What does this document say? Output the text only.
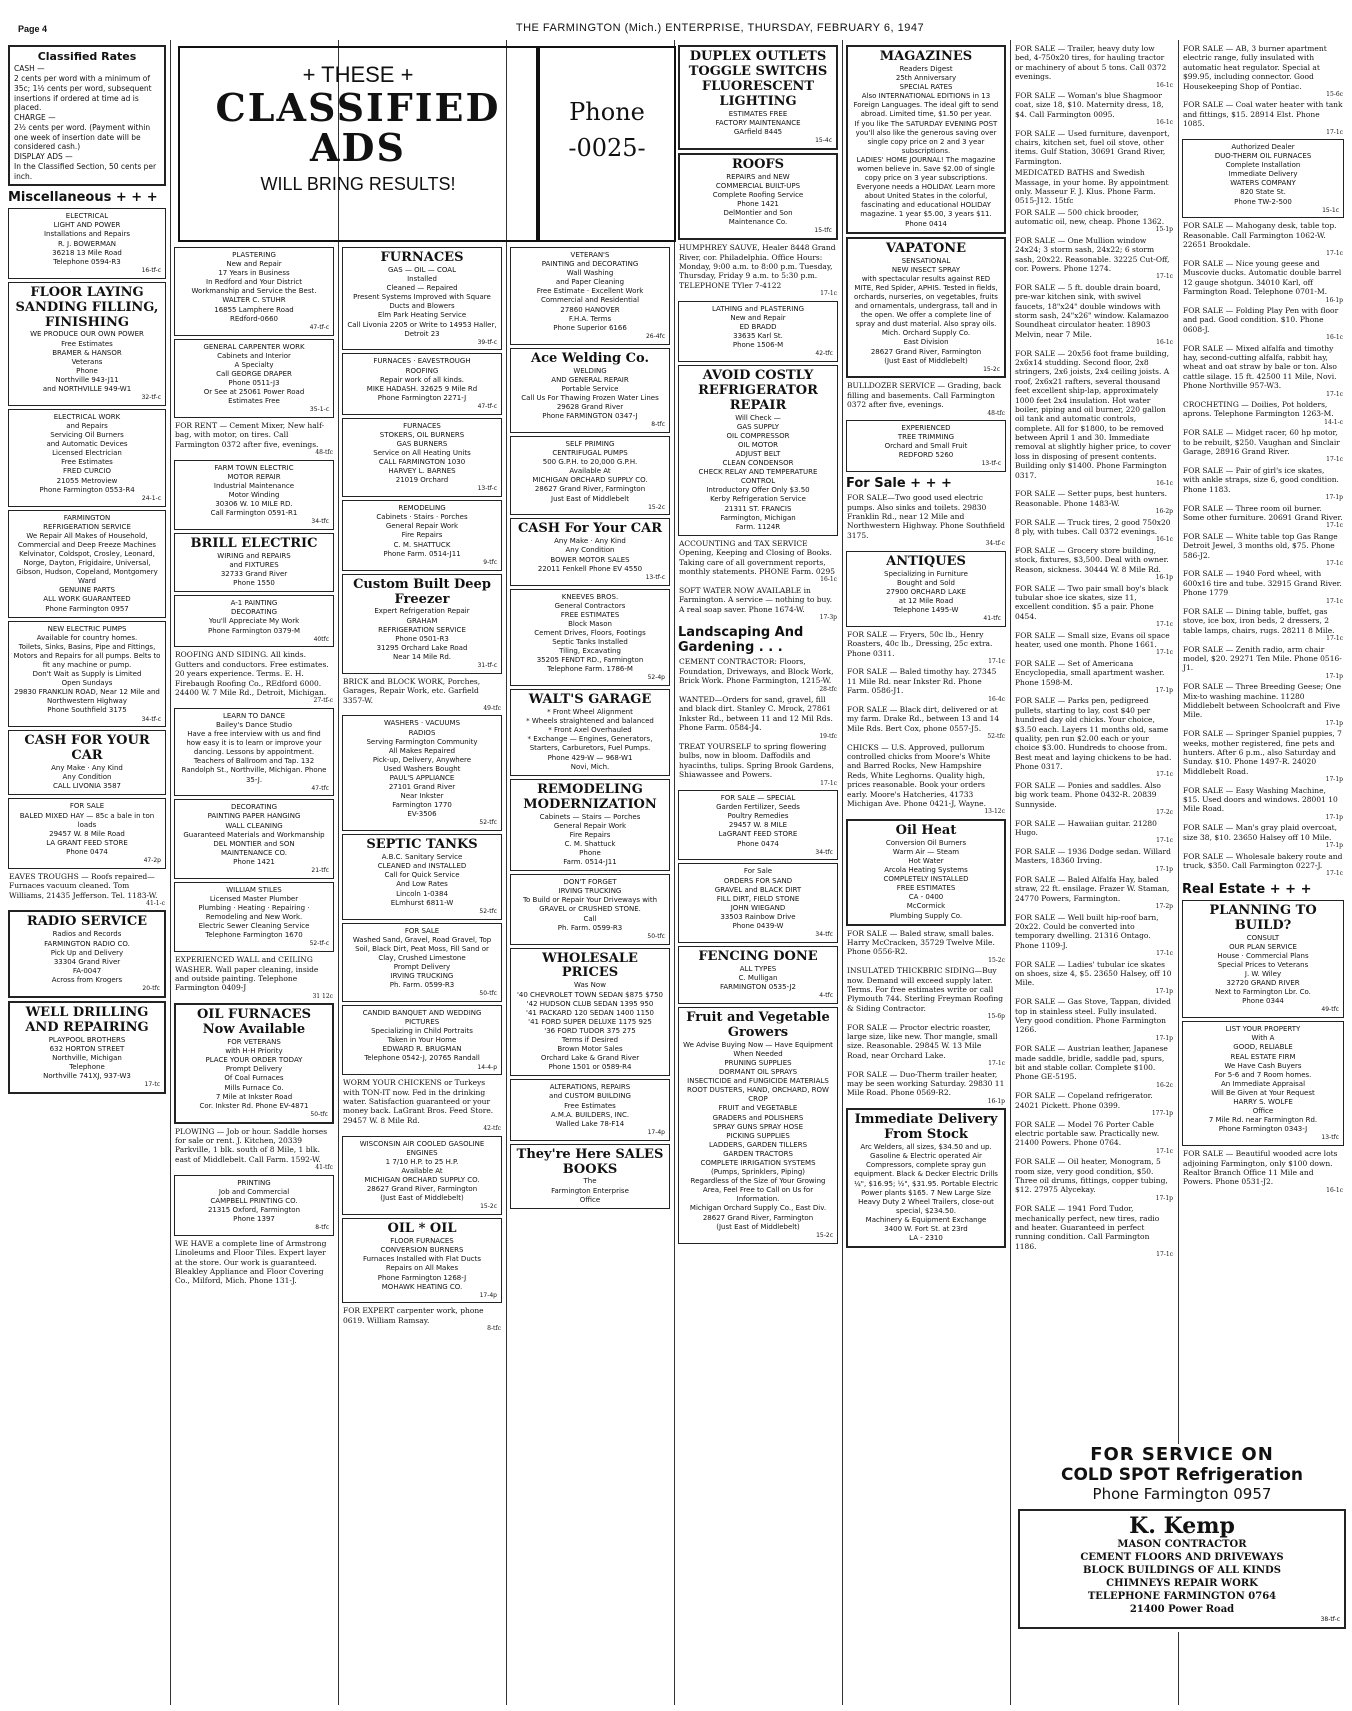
Page 4	THE FARMINGTON (Mich.) ENTERPRISE, THURSDAY, FEBRUARY 6, 1947
+ THESE +
CLASSIFIED
ADS
WILL BRING RESULTS!
Phone
-0025-
Classified Rates
CASH —
2 cents per word with a minimum of 35c; 1½ cents per word, subsequent insertions if ordered at time ad is placed.
CHARGE —
2½ cents per word. (Payment within one week of insertion date will be considered cash.)
DISPLAY ADS —
In the Classified Section, 50 cents per inch.
Miscellaneous + + +
ELECTRICAL
LIGHT AND POWER
Installations and Repairs
R. J. BOWERMAN
36218 13 Mile Road
Telephone 0594-R3
16-tf-c
FLOOR LAYING SANDING FILLING, FINISHING
WE PRODUCE OUR OWN POWER
Free Estimates
BRAMER & HANSOR
Veterans
Phone
Northville 943-J11
and NORTHVILLE 949-W1
32-tf-c
ELECTRICAL WORK
and Repairs
Servicing Oil Burners
and Automatic Devices
Licensed Electrician
Free Estimates
FRED CURCIO
21055 Metroview
Phone Farmington 0553-R4
24-1-c
FARMINGTON
REFRIGERATION SERVICE
We Repair All Makes of Household, Commercial and Deep Freeze Machines
Kelvinator, Coldspot, Crosley, Leonard, Norge, Dayton, Frigidaire, Universal, Gibson, Hudson, Copeland, Montgomery Ward
GENUINE PARTS
ALL WORK GUARANTEED
Phone Farmington 0957
NEW ELECTRIC PUMPS
Available for country homes.
Toilets, Sinks, Basins, Pipe and Fittings, Motors and Repairs for all pumps. Belts to fit any machine or pump.
Don't Wait as Supply is Limited
Open Sundays
29830 FRANKLIN ROAD, Near 12 Mile and Northwestern Highway
Phone Southfield 3175
34-tf-c
CASH FOR YOUR CAR
Any Make · Any Kind
Any Condition
CALL LIVONIA 3587
FOR SALE
BALED MIXED HAY — 85c a bale in ton loads
29457 W. 8 Mile Road
LA GRANT FEED STORE
Phone 0474
47-2p
EAVES TROUGHS — Roofs repaired—Furnaces vacuum cleaned. Tom Williams, 21435 Jefferson. Tel. 1183-W.
41-1-c
RADIO SERVICE
Radios and Records
FARMINGTON RADIO CO.
Pick Up and Delivery
33304 Grand River
FA-0047
Across from Krogers
20-tfc
WELL DRILLING AND REPAIRING
PLAYPOOL BROTHERS
632 HORTON STREET
Northville, Michigan
Telephone
Northville 741XJ, 937-W3
17-tc
PLASTERING
New and Repair
17 Years in Business
In Redford and Your District
Workmanship and Service the Best.
WALTER C. STUHR
16855 Lamphere Road
REdford-0660
47-tf-c
GENERAL CARPENTER WORK
Cabinets and Interior
A Specialty
Call GEORGE DRAPER
Phone 0511-J3
Or See at 25061 Power Road
Estimates Free
35-1-c
FOR RENT — Cement Mixer, New half-bag, with motor, on tires. Call Farmington 0372 after five, evenings.
48-tfc
FARM TOWN ELECTRIC
MOTOR REPAIR
Industrial Maintenance
Motor Winding
30306 W. 10 MILE RD.
Call Farmington 0591-R1
34-tfc
BRILL ELECTRIC
WIRING and REPAIRS
and FIXTURES
32733 Grand River
Phone 1550
A-1 PAINTING
DECORATING
You'll Appreciate My Work
Phone Farmington 0379-M
40tfc
ROOFING AND SIDING. All kinds. Gutters and conductors. Free estimates. 20 years experience. Terms. E. H. Firebaugh Roofing Co., REdford 6000. 24400 W. 7 Mile Rd., Detroit, Michigan.
27-tf-c
LEARN TO DANCE
Bailey's Dance Studio
Have a free interview with us and find how easy it is to learn or improve your dancing. Lessons by appointment. Teachers of Ballroom and Tap. 132 Randolph St., Northville, Michigan. Phone 35-J.
47-tfc
DECORATING
PAINTING PAPER HANGING
WALL CLEANING
Guaranteed Materials and Workmanship
DEL MONTIER and SON
MAINTENANCE CO.
Phone 1421
21-tfc
WILLIAM STILES
Licensed Master Plumber
Plumbing · Heating · Repairing · Remodeling and New Work.
Electric Sewer Cleaning Service
Telephone Farmington 1670
52-tf-c
EXPERIENCED WALL and CEILING WASHER. Wall paper cleaning, inside and outside painting. Telephone Farmington 0409-J
31 12c
OIL FURNACES Now Available
FOR VETERANS
with H-H Priority
PLACE YOUR ORDER TODAY
Prompt Delivery
Of Coal Furnaces
Mills Furnace Co.
7 Mile at Inkster Road
Cor. Inkster Rd. Phone EV-4871
50-tfc
PLOWING — Job or hour. Saddle horses for sale or rent. J. Kitchen, 20339 Parkville, 1 blk. south of 8 Mile, 1 blk. east of Middlebelt. Call Farm. 1592-W.
41-tfc
PRINTING
Job and Commercial
CAMPBELL PRINTING CO.
21315 Oxford, Farmington
Phone 1397
8-tfc
WE HAVE a complete line of Armstrong Linoleums and Floor Tiles. Expert layer at the store. Our work is guaranteed. Bleakley Appliance and Floor Covering Co., Milford, Mich. Phone 131-J.
FURNACES
GAS — OIL — COAL
Installed
Cleaned — Repaired
Present Systems Improved with Square Ducts and Blowers
Elm Park Heating Service
Call Livonia 2205 or Write to 14953 Haller, Detroit 23
39-tf-c
FURNACES · EAVESTROUGH
ROOFING
Repair work of all kinds.
MIKE HADASH. 32625 9 Mile Rd
Phone Farmington 2271-J
47-tf-c
FURNACES
STOKERS, OIL BURNERS
GAS BURNERS
Service on All Heating Units
CALL FARMINGTON 1030
HARVEY L. BARNES
21019 Orchard
13-tf-c
REMODELING
Cabinets · Stairs · Porches
General Repair Work
Fire Repairs
C. M. SHATTUCK
Phone Farm. 0514-J11
9-tfc
Custom Built Deep Freezer
Expert Refrigeration Repair
GRAHAM
REFRIGERATION SERVICE
Phone 0501-R3
31295 Orchard Lake Road
Near 14 Mile Rd.
31-tf-c
BRICK and BLOCK WORK, Porches, Garages, Repair Work, etc. Garfield 3357-W.
49-tfc
WASHERS · VACUUMS
RADIOS
Serving Farmington Community
All Makes Repaired
Pick-up, Delivery, Anywhere
Used Washers Bought
PAUL'S APPLIANCE
27101 Grand River
Near Inkster
Farmington 1770
EV-3506
52-tfc
SEPTIC TANKS
A.B.C. Sanitary Service
CLEANED and INSTALLED
Call for Quick Service
And Low Rates
Lincoln 1-0384
ELmhurst 6811-W
52-tfc
FOR SALE
Washed Sand, Gravel, Road Gravel, Top Soil, Black Dirt, Peat Moss, Fill Sand or Clay, Crushed Limestone
Prompt Delivery
IRVING TRUCKING
Ph. Farm. 0599-R3
50-tfc
CANDID BANQUET AND WEDDING PICTURES
Specializing in Child Portraits
Taken in Your Home
EDWARD R. BRUGMAN
Telephone 0542-J, 20765 Randall
14-4-p
WORM YOUR CHICKENS or Turkeys with TON-IT now. Fed in the drinking water. Satisfaction guaranteed or your money back. LaGrant Bros. Feed Store. 29457 W. 8 Mile Rd.
42-tfc
WISCONSIN AIR COOLED GASOLINE ENGINES
1 7/10 H.P. to 25 H.P.
Available At
MICHIGAN ORCHARD SUPPLY CO.
28627 Grand River, Farmington
(Just East of Middlebelt)
15-2c
OIL * OIL
FLOOR FURNACES
CONVERSION BURNERS
Furnaces Installed with Flat Ducts
Repairs on All Makes
Phone Farmington 1268-J
MOHAWK HEATING CO.
17-4p
FOR EXPERT carpenter work, phone 0619. William Ramsay.
8-tfc
VETERAN'S
PAINTING and DECORATING
Wall Washing
and Paper Cleaning
Free Estimate · Excellent Work
Commercial and Residential
27860 HANOVER
F.H.A. Terms
Phone Superior 6166
26-4fc
Ace Welding Co.
WELDING
AND GENERAL REPAIR
Portable Service
Call Us For Thawing Frozen Water Lines
29628 Grand River
Phone FARMINGTON 0347-J
8-tfc
SELF PRIMING
CENTRIFUGAL PUMPS
500 G.P.H. to 20,000 G.P.H.
Available At
MICHIGAN ORCHARD SUPPLY CO.
28627 Grand River, Farmington
Just East of Middlebelt
15-2c
CASH For Your CAR
Any Make · Any Kind
Any Condition
BOWER MOTOR SALES
22011 Fenkell Phone EV 4550
13-tf-c
KNEEVES BROS.
General Contractors
FREE ESTIMATES
Block Mason
Cement Drives, Floors, Footings
Septic Tanks Installed
Tiling, Excavating
35205 FENDT RD., Farmington
Telephone Farm. 1786-M
52-4p
WALT'S GARAGE
* Front Wheel Alignment
* Wheels straightened and balanced
* Front Axel Overhauled
* Exchange — Engines, Generators, Starters, Carburetors, Fuel Pumps.
Phone 429-W — 968-W1
Novi, Mich.
REMODELING MODERNIZATION
Cabinets — Stairs — Porches
General Repair Work
Fire Repairs
C. M. Shattuck
Phone
Farm. 0514-J11
DON'T FORGET
IRVING TRUCKING
To Build or Repair Your Driveways with GRAVEL or CRUSHED STONE.
Call
Ph. Farm. 0599-R3
50-tfc
WHOLESALE PRICES
Was Now
'40 CHEVROLET TOWN SEDAN $875 $750
'42 HUDSON CLUB SEDAN 1395 950
'41 PACKARD 120 SEDAN 1400 1150
'41 FORD SUPER DELUXE 1175 925
'36 FORD TUDOR 375 275
Terms if Desired
Brown Motor Sales
Orchard Lake & Grand River
Phone 1501 or 0589-R4
ALTERATIONS, REPAIRS
and CUSTOM BUILDING
Free Estimates
A.M.A. BUILDERS, INC.
Walled Lake 78-F14
17-4p
They're Here SALES BOOKS
The
Farmington Enterprise
Office
DUPLEX OUTLETS TOGGLE SWITCHS FLUORESCENT LIGHTING
ESTIMATES FREE
FACTORY MAINTENANCE
GArfield 8445
15-4c
ROOFS
REPAIRS and NEW
COMMERCIAL BUILT-UPS
Complete Roofing Service
Phone 1421
DelMontier and Son
Maintenance Co.
15-tfc
HUMPHREY SAUVE, Healer 8448 Grand River, cor. Philadelphia. Office Hours: Monday, 9:00 a.m. to 8:00 p.m. Tuesday, Thursday, Friday 9 a.m. to 5:30 p.m. TELEPHONE TYler 7-4122
17-1c
LATHING and PLASTERING
New and Repair
ED BRADD
33635 Karl St.
Phone 1506-M
42-tfc
AVOID COSTLY REFRIGERATOR REPAIR
Will Check —
GAS SUPPLY
OIL COMPRESSOR
OIL MOTOR
ADJUST BELT
CLEAN CONDENSOR
CHECK RELAY AND TEMPERATURE CONTROL
Introductory Offer Only $3.50
Kerby Refrigeration Service
21311 ST. FRANCIS
Farmington, Michigan
Farm. 1124R
ACCOUNTING and TAX SERVICE Opening, Keeping and Closing of Books. Taking care of all government reports, monthly statements. PHONE Farm. 0295
16-1c
SOFT WATER NOW AVAILABLE in Farmington. A service — nothing to buy. A real soap saver. Phone 1674-W.
17-3p
Landscaping And Gardening . . .
CEMENT CONTRACTOR: Floors, Foundation, Driveways, and Block Work, Brick Work. Phone Farmington, 1215-W.
28-tfc
WANTED—Orders for sand, gravel, fill and black dirt. Stanley C. Mrock, 27861 Inkster Rd., between 11 and 12 Mil Rds. Phone Farm. 0584-J4.
19-tfc
TREAT YOURSELF to spring flowering bulbs, now in bloom. Daffodils and hyacinths, tulips. Spring Brook Gardens, Shiawassee and Powers.
17-1c
FOR SALE — SPECIAL
Garden Fertilizer, Seeds
Poultry Remedies
29457 W. 8 MILE
LaGRANT FEED STORE
Phone 0474
34-tfc
For Sale
ORDERS FOR SAND
GRAVEL and BLACK DIRT
FILL DIRT, FIELD STONE
JOHN WIEGAND
33503 Rainbow Drive
Phone 0439-W
34-tfc
FENCING DONE
ALL TYPES
C. Mulligan
FARMINGTON 0535-J2
4-tfc
Fruit and Vegetable Growers
We Advise Buying Now — Have Equipment When Needed
PRUNING SUPPLIES
DORMANT OIL SPRAYS
INSECTICIDE and FUNGICIDE MATERIALS
ROOT DUSTERS, HAND, ORCHARD, ROW CROP
FRUIT and VEGETABLE
GRADERS and POLISHERS
SPRAY GUNS SPRAY HOSE
PICKING SUPPLIES
LADDERS, GARDEN TILLERS
GARDEN TRACTORS
COMPLETE IRRIGATION SYSTEMS
(Pumps, Sprinklers, Piping)
Regardless of the Size of Your Growing Area, Feel Free to Call on Us for Information.
Michigan Orchard Supply Co., East Div.
28627 Grand River, Farmington
(Just East of Middlebelt)
15-2c
MAGAZINES
Readers Digest
25th Anniversary
SPECIAL RATES
Also INTERNATIONAL EDITIONS in 13 Foreign Languages. The ideal gift to send abroad. Limited time, $1.50 per year.
If you like The SATURDAY EVENING POST you'll also like the generous saving over single copy price on 2 and 3 year subscriptions.
LADIES' HOME JOURNAL! The magazine women believe in. Save $2.00 of single copy price on 3 year subscriptions.
Everyone needs a HOLIDAY. Learn more about United States in the colorful, fascinating and educational HOLIDAY magazine. 1 year $5.00, 3 years $11.
Phone 0414
VAPATONE
SENSATIONAL
NEW INSECT SPRAY
with spectacular results against RED MITE, Red Spider, APHIS. Tested in fields, orchards, nurseries, on vegetables, fruits and ornamentals, undergrass, tall and in the open. We offer a complete line of spray and dust material. Also spray oils.
Mich. Orchard Supply Co.
East Division
28627 Grand River, Farmington
(Just East of Middlebelt)
15-2c
BULLDOZER SERVICE — Grading, back filling and basements. Call Farmington 0372 after five, evenings.
48-tfc
EXPERIENCED
TREE TRIMMING
Orchard and Small Fruit
REDFORD 5260
13-tf-c
For Sale + + +
FOR SALE—Two good used electric pumps. Also sinks and toilets. 29830 Franklin Rd., near 12 Mile and Northwestern Highway. Phone Southfield 3175.
34-tf-c
ANTIQUES
Specializing in Furniture
Bought and Sold
27900 ORCHARD LAKE
at 12 Mile Road
Telephone 1495-W
41-tfc
FOR SALE — Fryers, 50c lb., Henry Roasters, 40c lb., Dressing, 25c extra. Phone 0311.
17-1c
FOR SALE — Baled timothy hay. 27345 11 Mile Rd. near Inkster Rd. Phone Farm. 0586-J1.
16-4c
FOR SALE — Black dirt, delivered or at my farm. Drake Rd., between 13 and 14 Mile Rds. Bert Cox, phone 0557-J5.
52-tfc
CHICKS — U.S. Approved, pullorum controlled chicks from Moore's White and Barred Rocks, New Hampshire Reds, White Leghorns. Quality high, prices reasonable. Book your orders early. Moore's Hatcheries, 41733 Michigan Ave. Phone 0421-J, Wayne.
13-12c
Oil Heat
Conversion Oil Burners
Warm Air — Steam
Hot Water
Arcola Heating Systems
COMPLETELY INSTALLED
FREE ESTIMATES
CA - 0400
McCormick
Plumbing Supply Co.
FOR SALE — Baled straw, small bales. Harry McCracken, 35729 Twelve Mile. Phone 0556-R2.
15-2c
INSULATED THICKBRIC SIDING—Buy now. Demand will exceed supply later. Terms. For free estimates write or call Plymouth 744. Sterling Freyman Roofing & Siding Contractor.
15-6p
FOR SALE — Proctor electric roaster, large size, like new. Thor mangle, small size. Reasonable. 29845 W. 13 Mile Road, near Orchard Lake.
17-1c
FOR SALE — Duo-Therm trailer heater, may be seen working Saturday. 29830 11 Mile Road. Phone 0569-R2.
16-1p
Immediate Delivery From Stock
Arc Welders, all sizes, $34.50 and up. Gasoline & Electric operated Air Compressors, complete spray gun equipment. Black & Decker Electric Drills ¼", $16.95; ½", $31.95. Portable Electric Power plants $165. 7 New Large Size Heavy Duty 2 Wheel Trailers, close-out special, $234.50.
Machinery & Equipment Exchange
3400 W. Fort St. at 23rd
LA - 2310
FOR SALE — Trailer, heavy duty low bed, 4-750x20 tires, for hauling tractor or machinery of about 5 tons. Call 0372 evenings.
16-1c
FOR SALE — Woman's blue Shagmoor coat, size 18, $10. Maternity dress, 18, $4. Call Farmington 0095.
16-1c
FOR SALE — Used furniture, davenport, chairs, kitchen set, fuel oil stove, other items. Gulf Station, 30691 Grand River, Farmington.
MEDICATED BATHS and Swedish Massage, in your home. By appointment only. Masseur F. J. Klus. Phone Farm. 0515-J12. 15tfc
FOR SALE — 500 chick brooder, automatic oil, new, cheap. Phone 1362.
15-1p
FOR SALE — One Mullion window 24x24; 3 storm sash, 24x22; 6 storm sash, 20x22. Reasonable. 32225 Cut-Off, cor. Powers. Phone 1274.
17-1c
FOR SALE — 5 ft. double drain board, pre-war kitchen sink, with swivel faucets, 18"x24" double windows with storm sash, 24"x26" window. Kalamazoo Soundheat circulator heater. 18903 Melvin, near 7 Mile.
16-1c
FOR SALE — 20x56 foot frame building, 2x6x14 studding. Second floor, 2x8 stringers, 2x6 joists, 2x4 ceiling joists. A roof, 2x6x21 rafters, several thousand feet excellent ship-lap, approximately 1000 feet 2x4 insulation. Hot water boiler, piping and oil burner, 220 gallon oil tank and automatic controls, complete. All for $1800, to be removed between April 1 and 30. Immediate removal at slightly higher price, to cover loss in disposing of present contents. Building only $1400. Phone Farmington 0317.
16-1c
FOR SALE — Setter pups, best hunters. Reasonable. Phone 1483-W.
16-2p
FOR SALE — Truck tires, 2 good 750x20 8 ply, with tubes. Call 0372 evenings.
16-1c
FOR SALE — Grocery store building, stock, fixtures, $3,500. Deal with owner. Reason, sickness. 30444 W. 8 Mile Rd.
16-1p
FOR SALE — Two pair small boy's black tubular shoe ice skates, size 11, excellent condition. $5 a pair. Phone 0454.
17-1c
FOR SALE — Small size, Evans oil space heater, used one month. Phone 1661.
17-1c
FOR SALE — Set of Americana Encyclopedia, small apartment washer. Phone 1598-M.
17-1p
FOR SALE — Parks pen, pedigreed pullets, starting to lay, cost $40 per hundred day old chicks. Your choice, $3.50 each. Layers 11 months old, same quality, pen run $2.00 each or your choice $3.00. Hundreds to choose from. Best meat and laying chickens to be had. Phone 0317.
17-1c
FOR SALE — Ponies and saddles. Also big work team. Phone 0432-R. 20839 Sunnyside.
17-2c
FOR SALE — Hawaiian guitar. 21280 Hugo.
17-1c
FOR SALE — 1936 Dodge sedan. Willard Masters, 18360 Irving.
17-1p
FOR SALE — Baled Alfalfa Hay, baled straw, 22 ft. ensilage. Frazer W. Staman, 24770 Powers, Farmington.
17-2p
FOR SALE — Well built hip-roof barn, 20x22. Could be converted into temporary dwelling. 21316 Ontago. Phone 1109-J.
17-1c
FOR SALE — Ladies' tubular ice skates on shoes, size 4, $5. 23650 Halsey, off 10 Mile.
17-1p
FOR SALE — Gas Stove, Tappan, divided top in stainless steel. Fully insulated. Very good condition. Phone Farmington 1266.
17-1p
FOR SALE — Austrian leather, Japanese made saddle, bridle, saddle pad, spurs, bit and stable collar. Complete $100. Phone GE-5195.
16-2c
FOR SALE — Copeland refrigerator. 24021 Pickett. Phone 0399.
177-1p
FOR SALE — Model 76 Porter Cable electric portable saw. Practically new. 21400 Powers. Phone 0764.
17-1c
FOR SALE — Oil heater, Monogram, 5 room size, very good condition, $50. Three oil drums, fittings, copper tubing, $12. 27975 Alycekay.
17-1p
FOR SALE — 1941 Ford Tudor, mechanically perfect, new tires, radio and heater. Guaranteed in perfect running condition. Call Farmington 1186.
17-1c
FOR SALE — AB, 3 burner apartment electric range, fully insulated with automatic heat regulator. Special at $99.95, including connector. Good Housekeeping Shop of Pontiac.
15-6c
FOR SALE — Coal water heater with tank and fittings, $15. 28914 Elst. Phone 1085.
17-1c
Authorized Dealer
DUO-THERM OIL FURNACES
Complete Installation
Immediate Delivery
WATERS COMPANY
820 State St.
Phone TW-2-500
15-1c
FOR SALE — Mahogany desk, table top. Reasonable. Call Farmington 1062-W. 22651 Brookdale.
17-1c
FOR SALE — Nice young geese and Muscovie ducks. Automatic double barrel 12 gauge shotgun. 34010 Karl, off Farmington Road. Telephone 0701-M.
16-1p
FOR SALE — Folding Play Pen with floor and pad. Good condition. $10. Phone 0608-J.
16-1c
FOR SALE — Mixed alfalfa and timothy hay, second-cutting alfalfa, rabbit hay, wheat and oat straw by bale or ton. Also cattle silage. 15 ft. 42500 11 Mile, Novi. Phone Northville 957-W3.
17-1c
CROCHETING — Doilies, Pot holders, aprons. Telephone Farmington 1263-M.
14-1-c
FOR SALE — Midget racer, 60 hp motor, to be rebuilt, $250. Vaughan and Sinclair Garage, 28916 Grand River.
17-1c
FOR SALE — Pair of girl's ice skates, with ankle straps, size 6, good condition. Phone 1183.
17-1p
FOR SALE — Three room oil burner. Some other furniture. 20691 Grand River.
17-1c
FOR SALE — White table top Gas Range Detroit Jewel, 3 months old, $75. Phone 586-J2.
17-1c
FOR SALE — 1940 Ford wheel, with 600x16 tire and tube. 32915 Grand River. Phone 1779
17-1c
FOR SALE — Dining table, buffet, gas stove, ice box, iron beds, 2 dressers, 2 table lamps, chairs, rugs. 28211 8 Mile.
17-1c
FOR SALE — Zenith radio, arm chair model, $20. 29271 Ten Mile. Phone 0516-J1.
17-1p
FOR SALE — Three Breeding Geese; One Mix-to washing machine. 11280 Middlebelt between Schoolcraft and Five Mile.
17-1p
FOR SALE — Springer Spaniel puppies, 7 weeks, mother registered, fine pets and hunters. After 6 p.m., also Saturday and Sunday. $10. Phone 1497-R. 24020 Middlebelt Road.
17-1p
FOR SALE — Easy Washing Machine, $15. Used doors and windows. 28001 10 Mile Road.
17-1p
FOR SALE — Man's gray plaid overcoat, size 38, $10. 23650 Halsey off 10 Mile.
17-1p
FOR SALE — Wholesale bakery route and truck, $350. Call Farmington 0227-J.
17-1c
Real Estate + + +
PLANNING TO BUILD?
CONSULT
OUR PLAN SERVICE
House · Commercial Plans
Special Prices to Veterans
J. W. Wiley
32720 GRAND RIVER
Next to Farmington Lbr. Co.
Phone 0344
49-tfc
LIST YOUR PROPERTY
With A
GOOD, RELIABLE
REAL ESTATE FIRM
We Have Cash Buyers
For 5-6 and 7 Room homes.
An Immediate Appraisal
Will Be Given at Your Request
HARRY S. WOLFE
Office
7 Mile Rd. near Farmington Rd.
Phone Farmington 0343-J
13-tfc
FOR SALE — Beautiful wooded acre lots adjoining Farmington, only $100 down. Realtor Branch Office 11 Mile and Powers. Phone 0531-J2.
16-1c
FOR SERVICE ON
COLD SPOT Refrigeration
Phone Farmington 0957
K. Kemp
MASON CONTRACTOR
CEMENT FLOORS AND DRIVEWAYS
BLOCK BUILDINGS OF ALL KINDS
CHIMNEYS REPAIR WORK
TELEPHONE FARMINGTON 0764
21400 Power Road
38-tf-c
